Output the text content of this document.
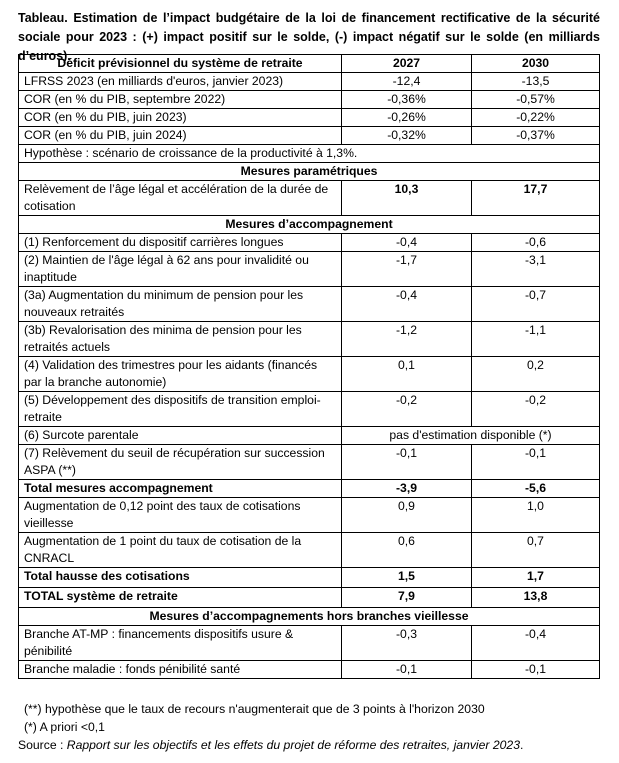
Tableau. Estimation de l’impact budgétaire de la loi de financement rectificative de la sécurité
sociale pour 2023 : (+) impact positif sur le solde, (-) impact négatif sur le solde (en milliards d’euros).
Déficit prévisionnel du système de retraite	2027	2030
LFRSS 2023 (en milliards d'euros, janvier 2023)	-12,4	-13,5
COR (en % du PIB, septembre 2022)	-0,36%	-0,57%
COR (en % du PIB, juin 2023)	-0,26%	-0,22%
COR (en % du PIB, juin 2024)	-0,32%	-0,37%
Hypothèse : scénario de croissance de la productivité à 1,3%.		
Mesures paramétriques		
Relèvement de l’âge légal et accélération de la durée de cotisation	10,3	17,7
Mesures d’accompagnement		
(1) Renforcement du dispositif carrières longues	-0,4	-0,6
(2) Maintien de l'âge légal à 62 ans pour invalidité ou inaptitude	-1,7	-3,1
(3a) Augmentation du minimum de pension pour les nouveaux retraités	-0,4	-0,7
(3b) Revalorisation des minima de pension pour les retraités actuels	-1,2	-1,1
(4) Validation des trimestres pour les aidants (financés par la branche autonomie)	0,1	0,2
(5) Développement des dispositifs de transition emploi-retraite	-0,2	-0,2
(6) Surcote parentale	pas d'estimation disponible (*)	
(7) Relèvement du seuil de récupération sur succession ASPA (**)	-0,1	-0,1
Total mesures accompagnement	-3,9	-5,6
Augmentation de 0,12 point des taux de cotisations vieillesse	0,9	1,0
Augmentation de 1 point du taux de cotisation de la CNRACL	0,6	0,7
Total hausse des cotisations	1,5	1,7
TOTAL système de retraite	7,9	13,8
Mesures d’accompagnements hors branches vieillesse		
Branche AT-MP : financements dispositifs usure & pénibilité	-0,3	-0,4
Branche maladie : fonds pénibilité santé	-0,1	-0,1
(**) hypothèse que le taux de recours n'augmenterait que de 3 points à l'horizon 2030
(*) A priori <0,1
Source : Rapport sur les objectifs et les effets du projet de réforme des retraites, janvier 2023.
